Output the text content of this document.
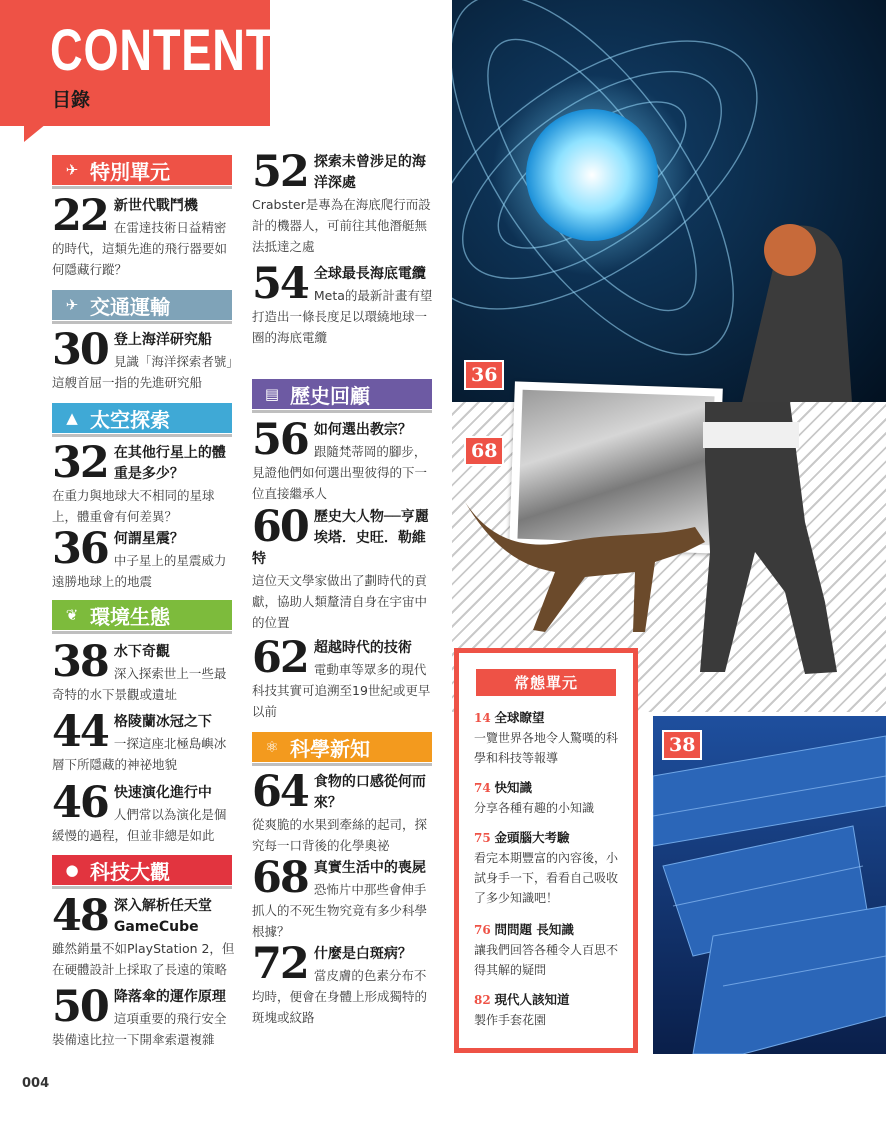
CONTENTS
目錄
✈ 特別單元
22 新世代戰鬥機
在雷達技術日益精密的時代，這類先進的飛行器要如何隱藏行蹤？
✈ 交通運輸
30 登上海洋研究船
見識「海洋探索者號」這艘首屈一指的先進研究船
▲ 太空探索
32 在其他行星上的體重是多少？
在重力與地球大不相同的星球上，體重會有何差異？
36 何謂星震？
中子星上的星震威力遠勝地球上的地震
❦ 環境生態
38 水下奇觀
深入探索世上一些最奇特的水下景觀或遺址
44 格陵蘭冰冠之下
一探這座北極島嶼冰層下所隱藏的神祕地貌
46 快速演化進行中
人們常以為演化是個緩慢的過程，但並非總是如此
● 科技大觀
48 深入解析任天堂 GameCube
雖然銷量不如PlayStation 2，但在硬體設計上採取了長遠的策略
50 降落傘的運作原理
這項重要的飛行安全裝備遠比拉一下開傘索還複雜
52 探索未曾涉足的海洋深處
Crabster是專為在海底爬行而設計的機器人，可前往其他潛艇無法抵達之處
54 全球最長海底電纜
Meta的最新計畫有望打造出一條長度足以環繞地球一圈的海底電纜
▤ 歷史回顧
56 如何選出教宗？
跟隨梵蒂岡的腳步，見證他們如何選出聖彼得的下一位直接繼承人
60 歷史大人物──亨麗埃塔．史旺．勒維特
這位天文學家做出了劃時代的貢獻，協助人類釐清自身在宇宙中的位置
62 超越時代的技術
電動車等眾多的現代科技其實可追溯至19世紀或更早以前
⚛ 科學新知
64 食物的口感從何而來？
從爽脆的水果到牽絲的起司，探究每一口背後的化學奧祕
68 真實生活中的喪屍
恐怖片中那些會伸手抓人的不死生物究竟有多少科學根據？
72 什麼是白斑病？
當皮膚的色素分布不均時，便會在身體上形成獨特的斑塊或紋路
36
68
38
常態單元
14 全球瞭望
一覽世界各地令人驚嘆的科學和科技等報導
74 快知識
分享各種有趣的小知識
75 金頭腦大考驗
看完本期豐富的內容後，小試身手一下，看看自己吸收了多少知識吧！
76 問問題 長知識
讓我們回答各種令人百思不得其解的疑問
82 現代人該知道
製作手套花園
004
